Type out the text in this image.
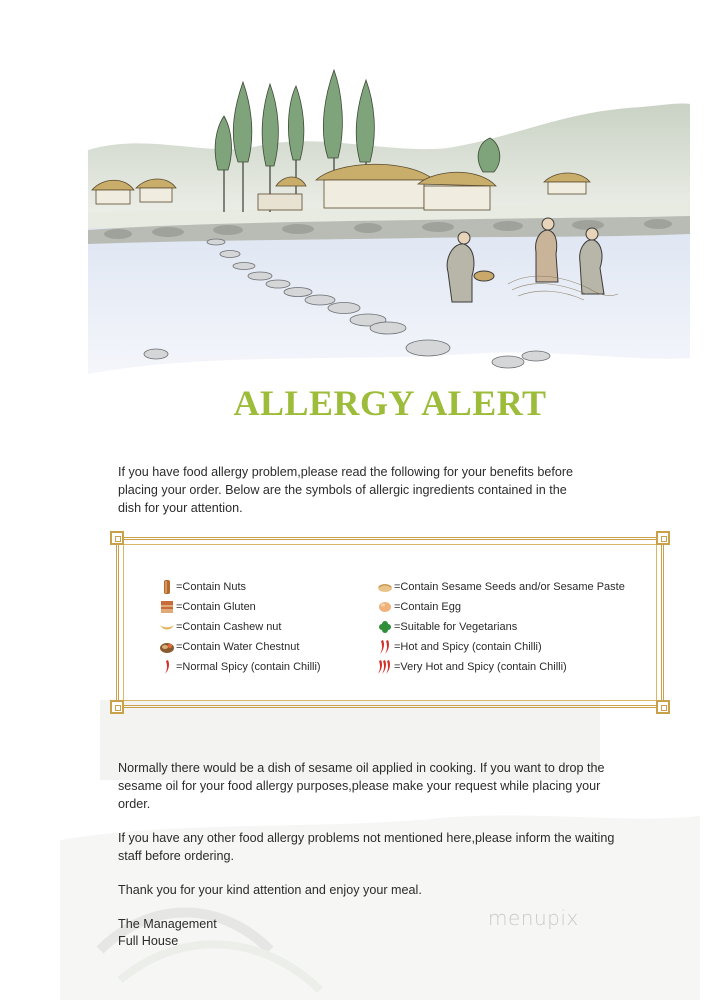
ALLERGY ALERT
If you have food allergy problem,please read the following for your benefits before
placing your order. Below are the symbols of allergic ingredients contained in the
dish for your attention.
=Contain Nuts
=Contain Gluten
=Contain Cashew nut
=Contain Water Chestnut
=Normal Spicy (contain Chilli)
=Contain Sesame Seeds and/or Sesame Paste
=Contain Egg
=Suitable for Vegetarians
=Hot and Spicy (contain Chilli)
=Very Hot and Spicy (contain Chilli)
Normally there would be a dish of sesame oil applied in cooking. If you want to drop the
sesame oil for your food allergy purposes,please make your request while placing your
order.
If you have any other food allergy problems not mentioned here,please inform the waiting
staff before ordering.
Thank you for your kind attention and enjoy your meal.
The Management
Full House
menupix
